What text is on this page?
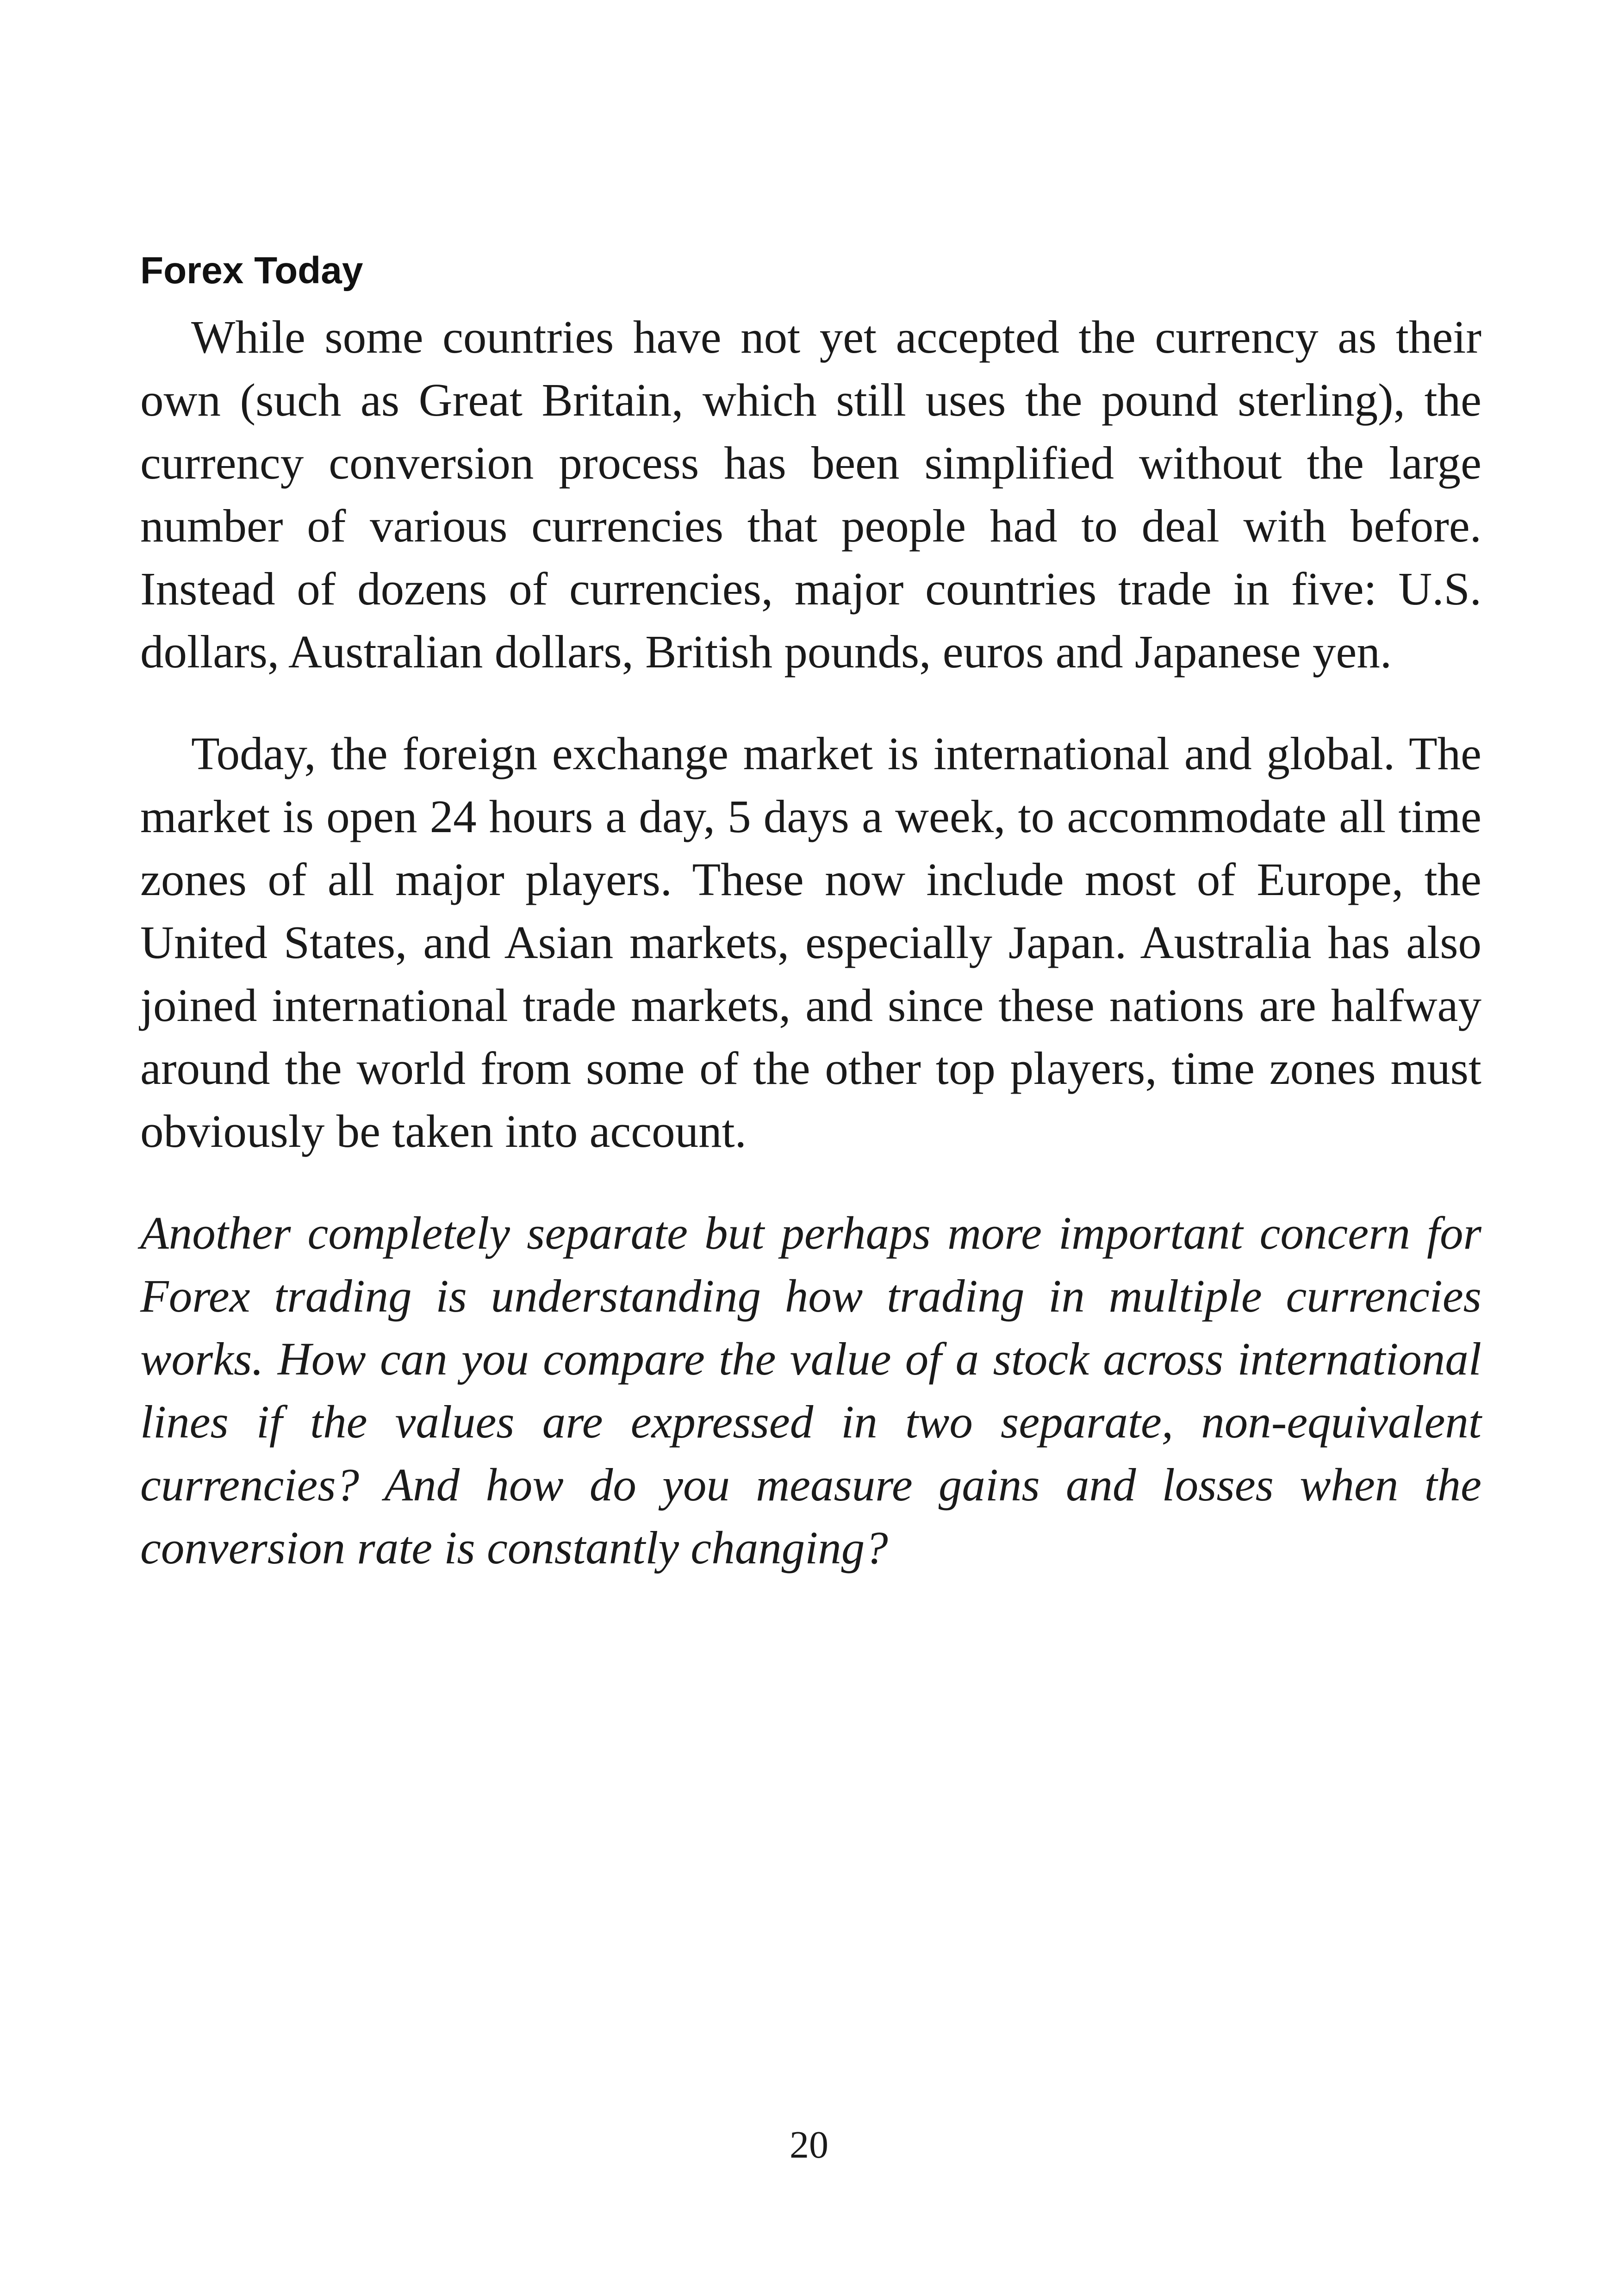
Forex Today

While some countries have not yet accepted the currency as their own (such as Great Britain, which still uses the pound sterling), the currency conversion process has been simplified without the large number of various currencies that people had to deal with before. Instead of dozens of currencies, major countries trade in five: U.S. dollars, Australian dollars, British pounds, euros and Japanese yen.

Today, the foreign exchange market is international and global. The market is open 24 hours a day, 5 days a week, to accommodate all time zones of all major players. These now include most of Europe, the United States, and Asian markets, especially Japan. Australia has also joined international trade markets, and since these nations are halfway around the world from some of the other top players, time zones must obviously be taken into account.

Another completely separate but perhaps more important concern for Forex trading is understanding how trading in multiple currencies works. How can you compare the value of a stock across international lines if the values are expressed in two separate, non-equivalent currencies? And how do you measure gains and losses when the conversion rate is constantly changing?

20
